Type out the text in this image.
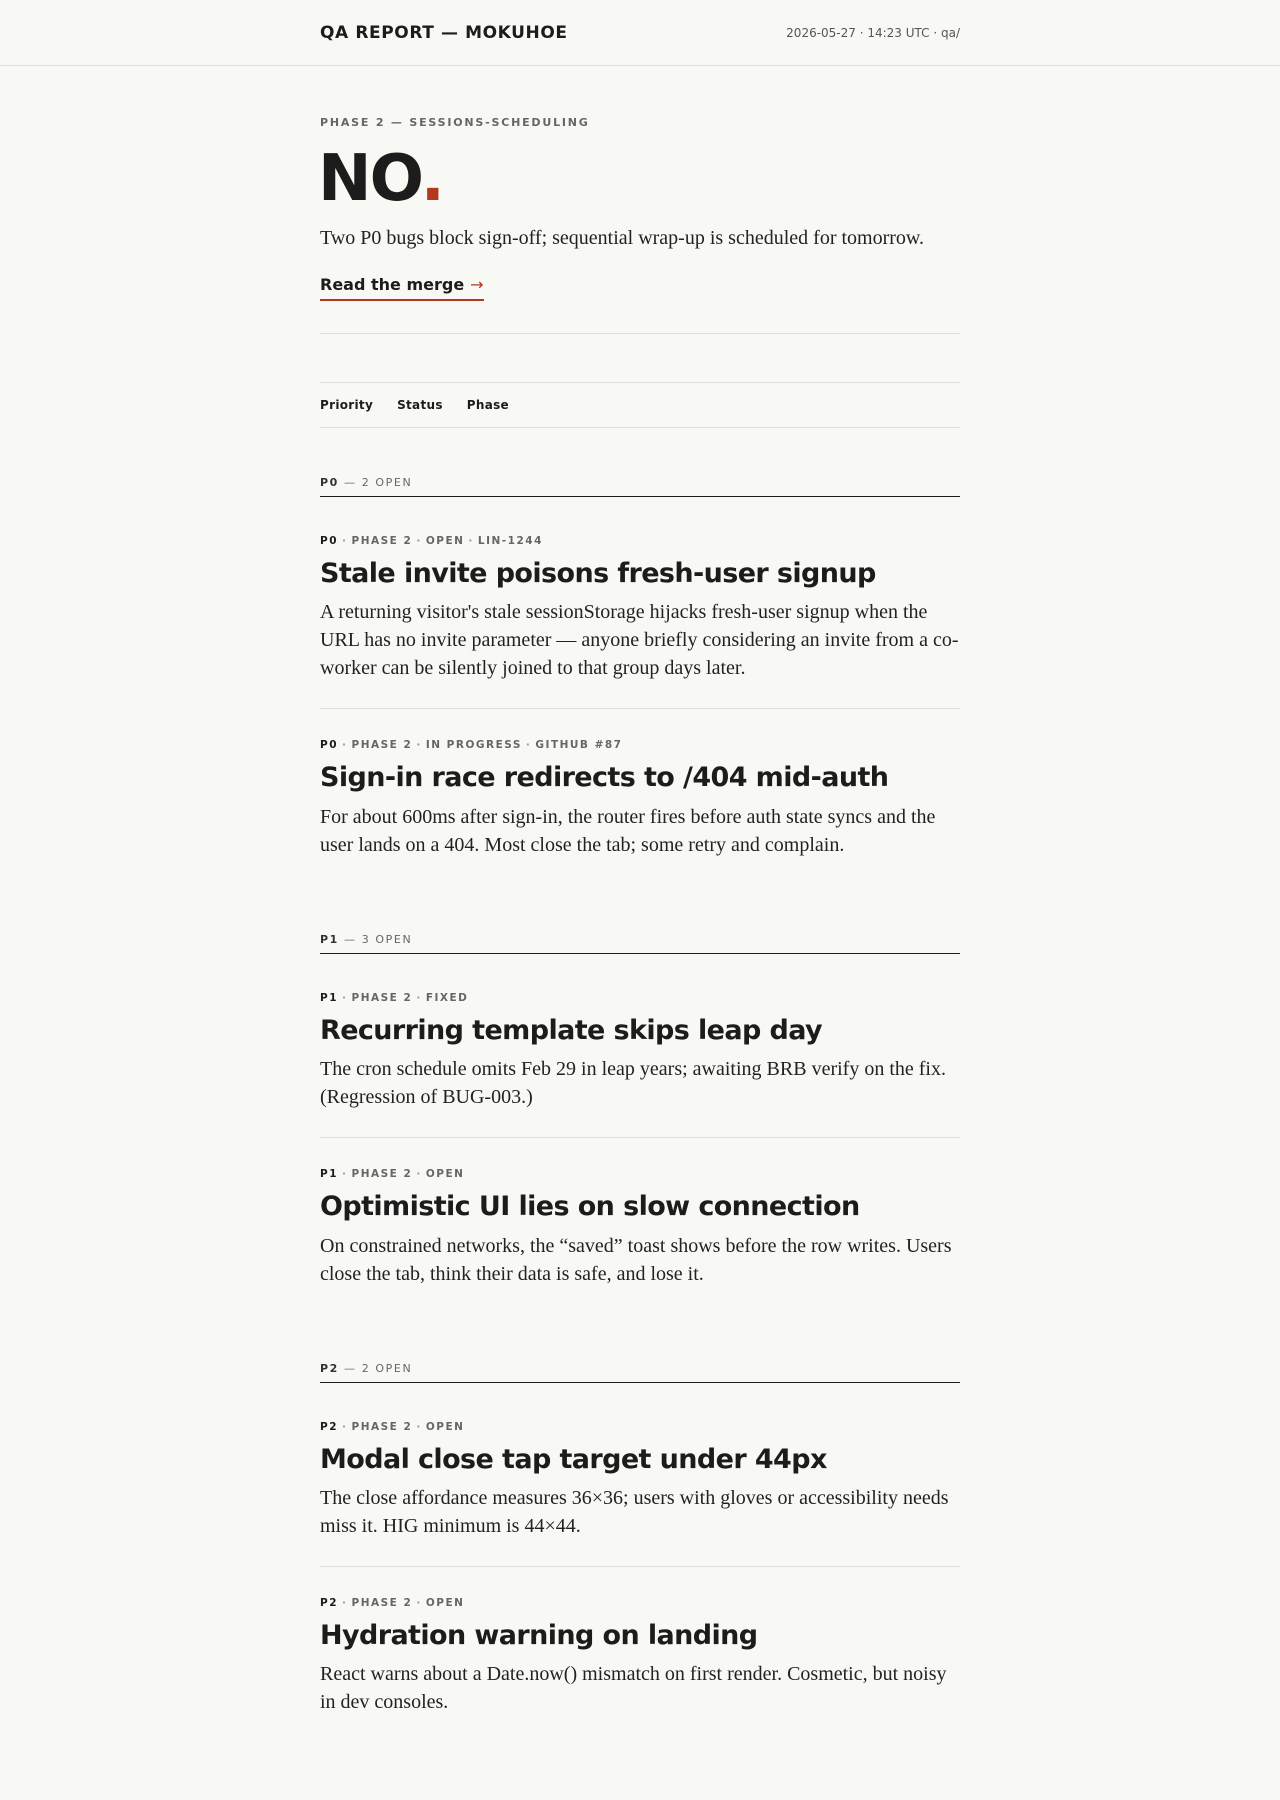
QA REPORT — MOKUHOE	2026-05-27 · 14:23 UTC · qa/

PHASE 2 — SESSIONS-SCHEDULING

NO.

Two P0 bugs block sign-off; sequential wrap-up is scheduled for tomorrow.

Read the merge →
Priority Status Phase
P0 — 2 OPEN
P0 · PHASE 2 · OPEN · LIN-1244
Stale invite poisons fresh-user signup

A returning visitor's stale sessionStorage hijacks fresh-user signup when the URL has no invite parameter — anyone briefly considering an invite from a co-worker can be silently joined to that group days later.

P0 · PHASE 2 · IN PROGRESS · GITHUB #87
Sign-in race redirects to /404 mid-auth

For about 600ms after sign-in, the router fires before auth state syncs and the user lands on a 404. Most close the tab; some retry and complain.

P1 — 3 OPEN
P1 · PHASE 2 · FIXED
Recurring template skips leap day

The cron schedule omits Feb 29 in leap years; awaiting BRB verify on the fix. (Regression of BUG-003.)

P1 · PHASE 2 · OPEN
Optimistic UI lies on slow connection

On constrained networks, the “saved” toast shows before the row writes. Users close the tab, think their data is safe, and lose it.

P2 — 2 OPEN
P2 · PHASE 2 · OPEN
Modal close tap target under 44px

The close affordance measures 36×36; users with gloves or accessibility needs miss it. HIG minimum is 44×44.

P2 · PHASE 2 · OPEN
Hydration warning on landing

React warns about a Date.now() mismatch on first render. Cosmetic, but noisy in dev consoles.
